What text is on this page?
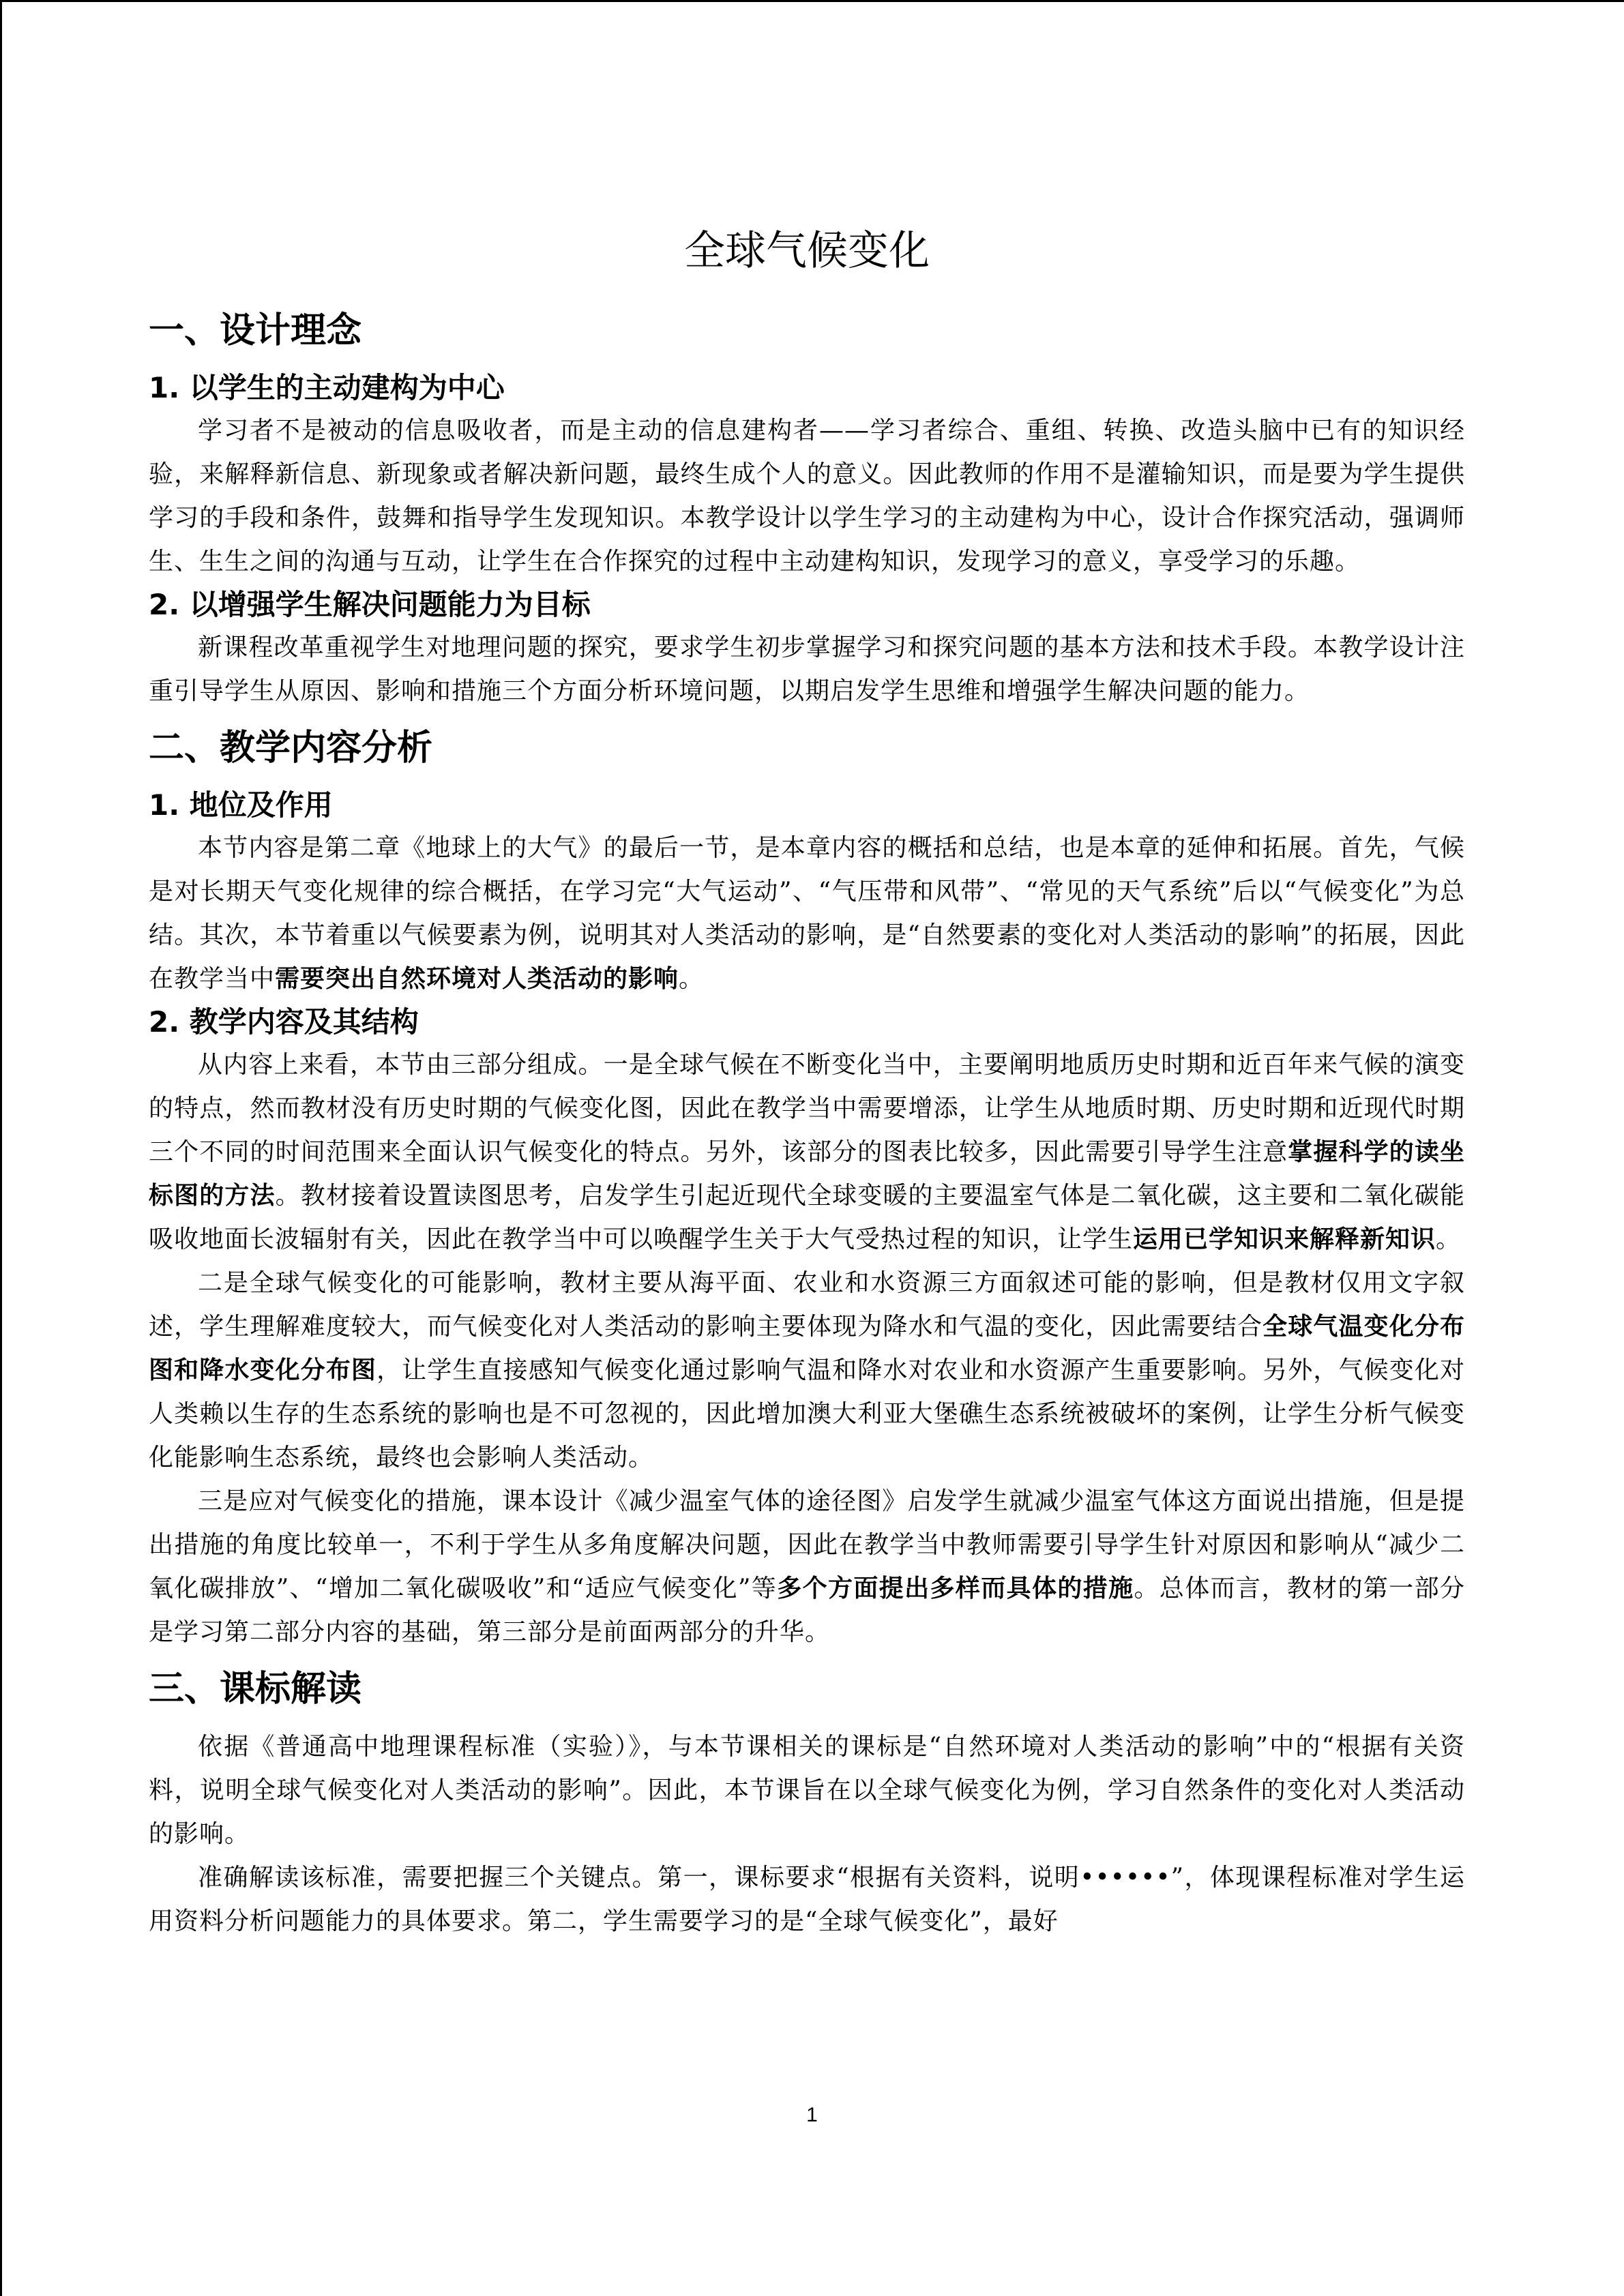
全球气候变化
一、设计理念
1. 以学生的主动建构为中心

学习者不是被动的信息吸收者，而是主动的信息建构者——学习者综合、重组、转换、改造头脑中已有的知识经验，来解释新信息、新现象或者解决新问题，最终生成个人的意义。因此教师的作用不是灌输知识，而是要为学生提供学习的手段和条件，鼓舞和指导学生发现知识。本教学设计以学生学习的主动建构为中心，设计合作探究活动，强调师生、生生之间的沟通与互动，让学生在合作探究的过程中主动建构知识，发现学习的意义，享受学习的乐趣。

2. 以增强学生解决问题能力为目标

新课程改革重视学生对地理问题的探究，要求学生初步掌握学习和探究问题的基本方法和技术手段。本教学设计注重引导学生从原因、影响和措施三个方面分析环境问题，以期启发学生思维和增强学生解决问题的能力。

二、教学内容分析
1. 地位及作用

本节内容是第二章《地球上的大气》的最后一节，是本章内容的概括和总结，也是本章的延伸和拓展。首先，气候是对长期天气变化规律的综合概括，在学习完“大气运动”、“气压带和风带”、“常见的天气系统”后以“气候变化”为总结。其次，本节着重以气候要素为例，说明其对人类活动的影响，是“自然要素的变化对人类活动的影响”的拓展，因此在教学当中需要突出自然环境对人类活动的影响。

2. 教学内容及其结构

从内容上来看，本节由三部分组成。一是全球气候在不断变化当中，主要阐明地质历史时期和近百年来气候的演变的特点，然而教材没有历史时期的气候变化图，因此在教学当中需要增添，让学生从地质时期、历史时期和近现代时期三个不同的时间范围来全面认识气候变化的特点。另外，该部分的图表比较多，因此需要引导学生注意掌握科学的读坐标图的方法。教材接着设置读图思考，启发学生引起近现代全球变暖的主要温室气体是二氧化碳，这主要和二氧化碳能吸收地面长波辐射有关，因此在教学当中可以唤醒学生关于大气受热过程的知识，让学生运用已学知识来解释新知识。

二是全球气候变化的可能影响，教材主要从海平面、农业和水资源三方面叙述可能的影响，但是教材仅用文字叙述，学生理解难度较大，而气候变化对人类活动的影响主要体现为降水和气温的变化，因此需要结合全球气温变化分布图和降水变化分布图，让学生直接感知气候变化通过影响气温和降水对农业和水资源产生重要影响。另外，气候变化对人类赖以生存的生态系统的影响也是不可忽视的，因此增加澳大利亚大堡礁生态系统被破坏的案例，让学生分析气候变化能影响生态系统，最终也会影响人类活动。

三是应对气候变化的措施，课本设计《减少温室气体的途径图》启发学生就减少温室气体这方面说出措施，但是提出措施的角度比较单一，不利于学生从多角度解决问题，因此在教学当中教师需要引导学生针对原因和影响从“减少二氧化碳排放”、“增加二氧化碳吸收”和“适应气候变化”等多个方面提出多样而具体的措施。总体而言，教材的第一部分是学习第二部分内容的基础，第三部分是前面两部分的升华。

三、课标解读

依据《普通高中地理课程标准（实验）》，与本节课相关的课标是“自然环境对人类活动的影响”中的“根据有关资料，说明全球气候变化对人类活动的影响”。因此，本节课旨在以全球气候变化为例，学习自然条件的变化对人类活动的影响。

准确解读该标准，需要把握三个关键点。第一，课标要求“根据有关资料，说明••••••”，体现课程标准对学生运用资料分析问题能力的具体要求。第二，学生需要学习的是“全球气候变化”，最好

1
